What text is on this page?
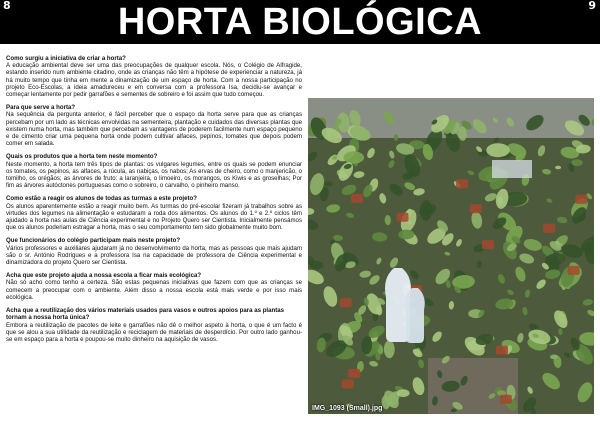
8	HORTA BIOLÓGICA	9

Como surgiu a iniciativa de criar a horta?

A educação ambiental deve ser uma das preocupações de qualquer escola. Nós, o Colégio de Alfragide, estando inserido num ambiente citadino, onde as crianças não têm a hipótese de experienciar a natureza, já há muito tempo que tinha em mente a dinamização de um espaço de horta. Com a nossa participação no projeto Eco-Escolas, a ideia amadureceu e em conversa com a professora Isa, decidiu-se avançar e começar lentamente por pedir garrafões e sementes de sobreiro e foi assim que tudo começou.

Para que serve a horta?

Na sequência da pergunta anterior, é fácil perceber que o espaço da horta serve para que as crianças percebam por um lado as técnicas envolvidas na sementeira, plantação e cuidados das diversas plantas que existem numa horta, mas também que percebam as vantagens de poderem facilmente num espaço pequeno e de cimento criar uma pequena horta onde podem cultivar alfaces, pepinos, tomates que depois podem comer em salada.

Quais os produtos que a horta tem neste momento?

Neste momento, a horta tem três tipos de plantas: os vulgares legumes, entre os quais se podem enunciar os tomates, os pepinos, as alfaces, a rúcula, as nabiças, os nabos; As ervas de cheiro, como o manjericão, o tomilho, os orégãos; as árvores de fruto: a laranjeira, o limoeiro, os morangos, os Kiwis e as groselhas; Por fim as árvores autóctones portuguesas como o sobreiro, o carvalho, o pinheiro manso.

Como estão a reagir os alunos de todas as turmas a este projeto?

Os alunos aparentemente estão a reagir muito bem. As turmas do pré-escolar fizeram já trabalhos sobre as virtudes dos legumes na alimentação e estudaram a roda dos alimentos. Os alunos do 1.º e 2.º ciclos têm ajudado a horta nas aulas de Ciência experimental e no Projeto Quero ser Cientista. Inicialmente pensámos que os alunos poderiam estragar a horta, mas o seu comportamento tem sido globalmente muito bom.

Que funcionários do colégio participam mais neste projeto?

Vários professores e auxiliares ajudaram já no desenvolvimento da horta, mas as pessoas que mais ajudam são o sr. António Rodrigues e a professora Isa na capacidade de professora de Ciência experimental e dinamizadora do projeto Quero ser Cientista.

Acha que este projeto ajuda a nossa escola a ficar mais ecológica?

Não só acho como tenho a certeza. São estas pequenas iniciativas que fazem com que as crianças se comecem a preocupar com o ambiente. Além disso a nossa escola está mais verde e por isso mais ecológica.

Acha que a reutilização dos vários materiais usados para vasos e outros apoios para as plantas tornam a nossa horta única?

Embora a reutilização de pacotes de leite e garrafões não dê o melhor aspeto à horta, o que é um facto é que se alou a sua utilidade da reutilização e reciclagem de materiais de desperdício. Por outro lado ganhou-se em espaço para a horta e poupou-se muito dinheiro na aquisição de vasos.

IMG_1093 (Small).jpg
